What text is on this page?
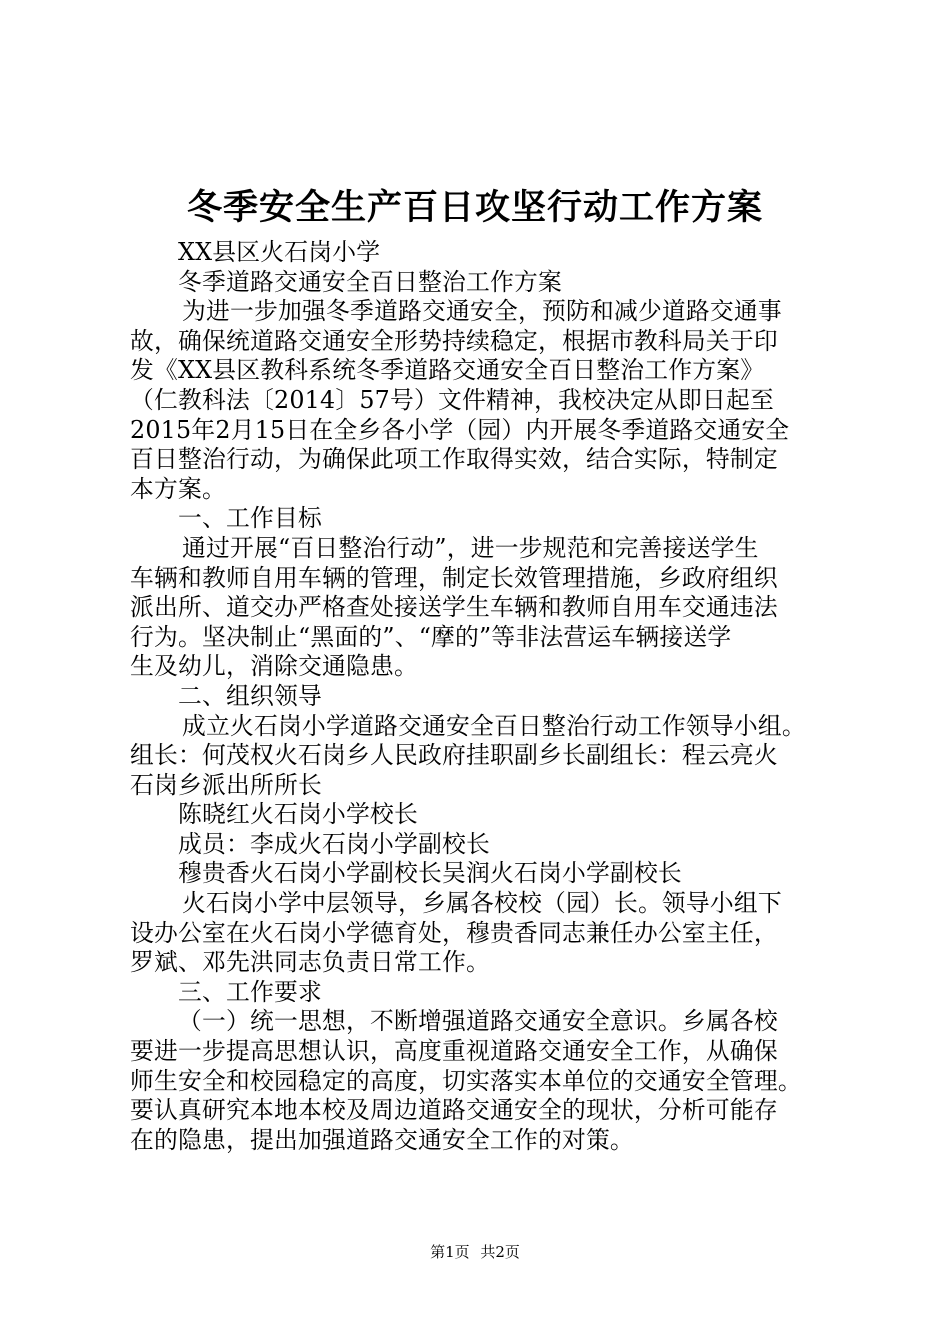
冬季安全生产百日攻坚行动工作方案

XX县区火石岗小学

冬季道路交通安全百日整治工作方案

为进一步加强冬季道路交通安全，预防和减少道路交通事

故，确保统道路交通安全形势持续稳定，根据市教科局关于印

发《XX县区教科系统冬季道路交通安全百日整治工作方案》

（仁教科法〔2014〕57号）文件精神，我校决定从即日起至

2015年2月15日在全乡各小学（园）内开展冬季道路交通安全

百日整治行动，为确保此项工作取得实效，结合实际，特制定

本方案。

一、工作目标

通过开展“百日整治行动”，进一步规范和完善接送学生

车辆和教师自用车辆的管理，制定长效管理措施，乡政府组织

派出所、道交办严格查处接送学生车辆和教师自用车交通违法

行为。坚决制止“黑面的”、“摩的”等非法营运车辆接送学

生及幼儿，消除交通隐患。

二、组织领导

成立火石岗小学道路交通安全百日整治行动工作领导小组。

组长：何茂权火石岗乡人民政府挂职副乡长副组长：程云亮火

石岗乡派出所所长

陈晓红火石岗小学校长

成员：李成火石岗小学副校长

穆贵香火石岗小学副校长吴润火石岗小学副校长

火石岗小学中层领导，乡属各校校（园）长。领导小组下

设办公室在火石岗小学德育处，穆贵香同志兼任办公室主任，

罗斌、邓先洪同志负责日常工作。

三、工作要求

（一）统一思想，不断增强道路交通安全意识。乡属各校

要进一步提高思想认识，高度重视道路交通安全工作，从确保

师生安全和校园稳定的高度，切实落实本单位的交通安全管理。

要认真研究本地本校及周边道路交通安全的现状，分析可能存

在的隐患，提出加强道路交通安全工作的对策。

第1页 共2页
